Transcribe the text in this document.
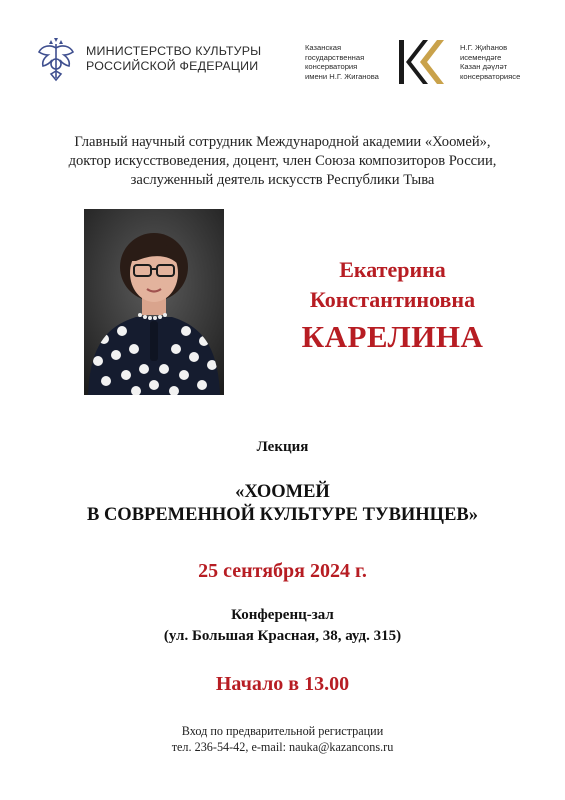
МИНИСТЕРСТВО КУЛЬТУРЫ
РОССИЙСКОЙ ФЕДЕРАЦИИ
Казанская
государственная
консерватория
имени Н.Г. Жиганова
Н.Г. Җиһанов
исемендәге
Казан дәүләт
консерваториясе
Главный научный сотрудник Международной академии «Хоомей»,
доктор искусствоведения, доцент, член Союза композиторов России,
заслуженный деятель искусств Республики Тыва
Екатерина
Константиновна
КАРЕЛИНА
Лекция
«ХООМЕЙ
В СОВРЕМЕННОЙ КУЛЬТУРЕ ТУВИНЦЕВ»
25 сентября 2024 г.
Конференц-зал
(ул. Большая Красная, 38, ауд. 315)
Начало в 13.00
Вход по предварительной регистрации
тел. 236-54-42, e-mail: nauka@kazancons.ru
